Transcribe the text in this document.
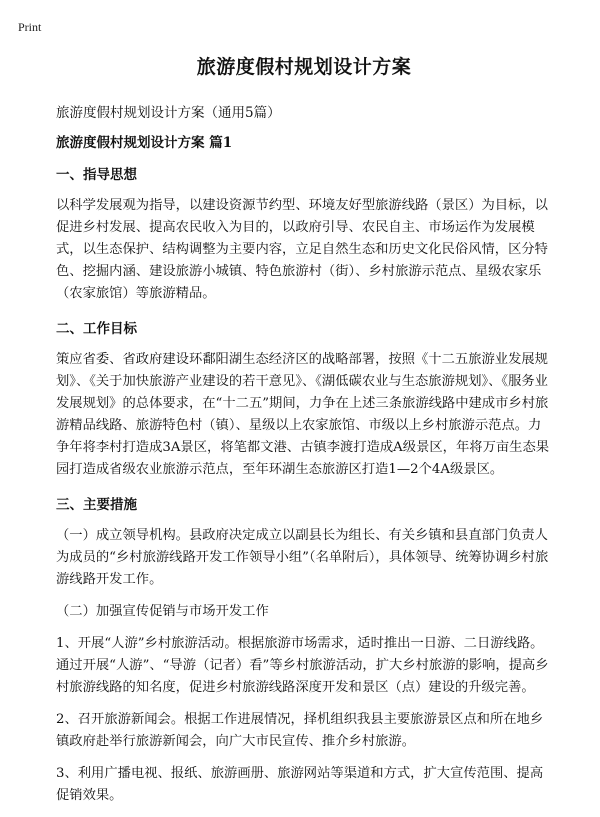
Print
旅游度假村规划设计方案
旅游度假村规划设计方案（通用5篇）
旅游度假村规划设计方案 篇1
一、指导思想

以科学发展观为指导，以建设资源节约型、环境友好型旅游线路（景区）为目标，以促进乡村发展、提高农民收入为目的，以政府引导、农民自主、市场运作为发展模式，以生态保护、结构调整为主要内容，立足自然生态和历史文化民俗风情，区分特色、挖掘内涵、建设旅游小城镇、特色旅游村（街）、乡村旅游示范点、星级农家乐（农家旅馆）等旅游精品。

二、工作目标

策应省委、省政府建设环鄱阳湖生态经济区的战略部署，按照《十二五旅游业发展规划》、《关于加快旅游产业建设的若干意见》、《湖低碳农业与生态旅游规划》、《服务业发展规划》的总体要求，在“十二五”期间，力争在上述三条旅游线路中建成市乡村旅游精品线路、旅游特色村（镇）、星级以上农家旅馆、市级以上乡村旅游示范点。力争年将李村打造成3A景区，将笔都文港、古镇李渡打造成A级景区，年将万亩生态果园打造成省级农业旅游示范点，至年环湖生态旅游区打造1—2个4A级景区。

三、主要措施

（一）成立领导机构。县政府决定成立以副县长为组长、有关乡镇和县直部门负责人为成员的“乡村旅游线路开发工作领导小组”（名单附后），具体领导、统筹协调乡村旅游线路开发工作。

（二）加强宣传促销与市场开发工作

1、开展“人游”乡村旅游活动。根据旅游市场需求，适时推出一日游、二日游线路。通过开展“人游”、“导游（记者）看”等乡村旅游活动，扩大乡村旅游的影响，提高乡村旅游线路的知名度，促进乡村旅游线路深度开发和景区（点）建设的升级完善。

2、召开旅游新闻会。根据工作进展情况，择机组织我县主要旅游景区点和所在地乡镇政府赴举行旅游新闻会，向广大市民宣传、推介乡村旅游。

3、利用广播电视、报纸、旅游画册、旅游网站等渠道和方式，扩大宣传范围、提高促销效果。
